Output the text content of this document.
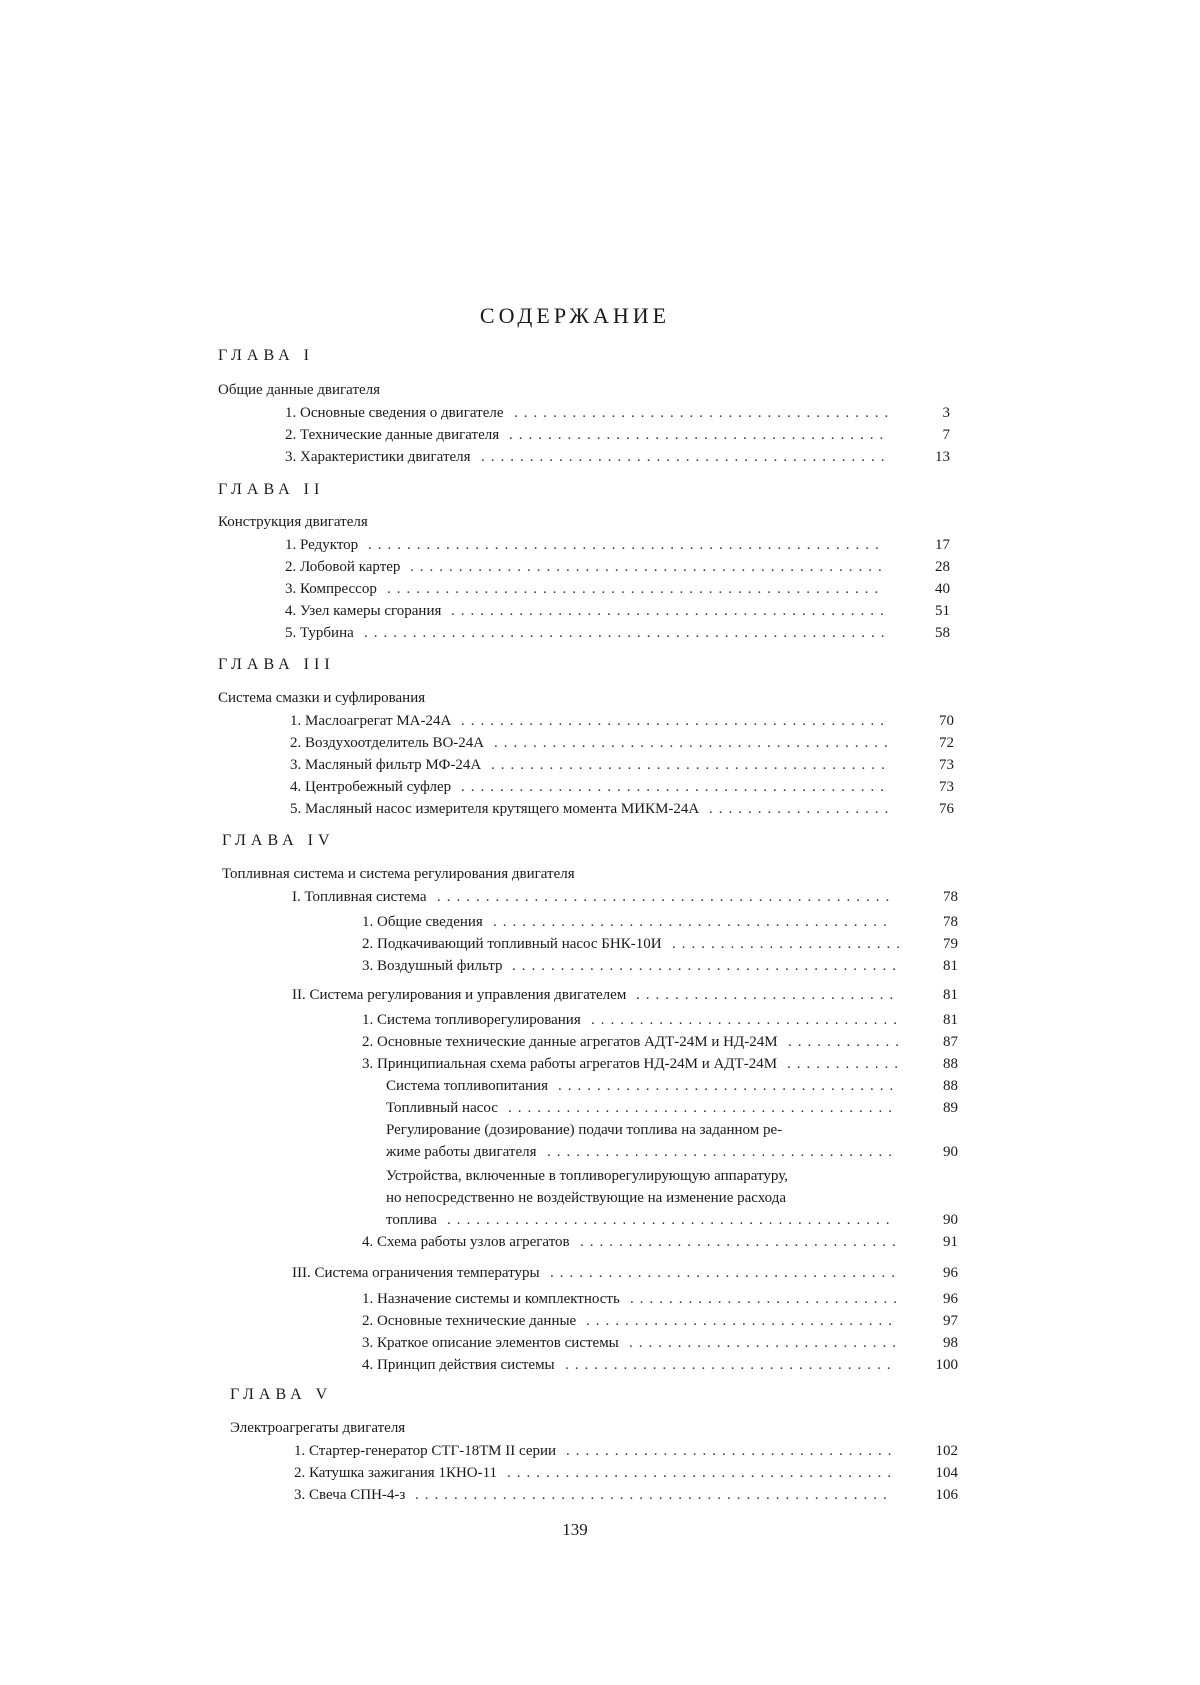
СОДЕРЖАНИЕ
ГЛАВА I
Общие данные двигателя
1. Основные сведения о двигателе .......................................	3
2. Технические данные двигателя .......................................	7
3. Характеристики двигателя ..........................................	13
ГЛАВА II
Конструкция двигателя
1. Редуктор .....................................................	17
2. Лобовой картер .................................................	28
3. Компрессор ...................................................	40
4. Узел камеры сгорания .............................................	51
5. Турбина ......................................................	58
ГЛАВА III
Система смазки и суфлирования
1. Маслоагрегат МА-24А ............................................	70
2. Воздухоотделитель ВО-24А .........................................	72
3. Масляный фильтр МФ-24А .........................................	73
4. Центробежный суфлер ............................................	73
5. Масляный насос измерителя крутящего момента МИКМ-24А ...................	76
ГЛАВА IV
Топливная система и система регулирования двигателя
I. Топливная система ...............................................	78
1. Общие сведения .........................................	78
2. Подкачивающий топливный насос БНК-10И ........................	79
3. Воздушный фильтр ........................................	81
II. Система регулирования и управления двигателем ...........................	81
1. Система топливорегулирования ................................	81
2. Основные технические данные агрегатов АДТ-24М и НД-24М ............	87
3. Принципиальная схема работы агрегатов НД-24М и АДТ-24М ............	88
Система топливопитания ...................................	88
Топливный насос ........................................	89
Регулирование (дозирование) подачи топлива на заданном ре-
жиме работы двигателя ....................................	90
Устройства, включенные в топливорегулирующую аппаратуру,
но непосредственно не воздействующие на изменение расхода
топлива ..............................................	90
4. Схема работы узлов агрегатов .................................	91
III. Система ограничения температуры ....................................	96
1. Назначение системы и комплектность ............................	96
2. Основные технические данные ................................	97
3. Краткое описание элементов системы ............................	98
4. Принцип действия системы ..................................	100
ГЛАВА V
Электроагрегаты двигателя
1. Стартер-генератор СТГ-18ТМ II серии ..................................	102
2. Катушка зажигания 1КНО-11 ........................................	104
3. Свеча СПН-4-з .................................................	106
139
